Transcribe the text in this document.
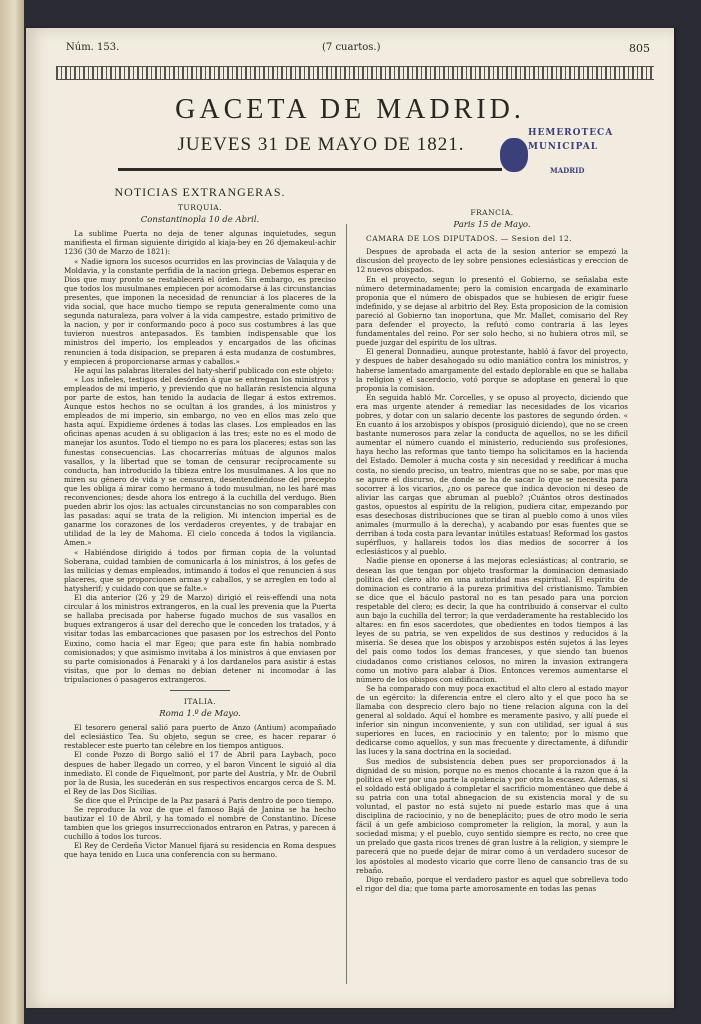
Núm. 153.	(7 cuartos.)	805
GACETA DE MADRID.
JUEVES 31 DE MAYO DE 1821.
HEMEROTECA
MUNICIPAL
MADRID
NOTICIAS EXTRANGERAS.
TURQUIA.
Constantinopla 10 de Abril.

La sublime Puerta no deja de tener algunas inquietudes, segun manifiesta el firman siguiente dirigido al kiaja-bey en 26 djemakeul-achir 1236 (30 de Marzo de 1821):

« Nadie ignora los sucesos ocurridos en las provincias de Valaquia y de Moldavia, y la constante perfidia de la nacion griega. Debemos esperar en Dios que muy pronto se restablecerá el órden. Sin embargo, es preciso que todos los musulmanes empiecen por acomodarse á las circunstancias presentes, que imponen la necesidad de renunciar á los placeres de la vida social, que hace mucho tiempo se reputa generalmente como una segunda naturaleza, para volver á la vida campestre, estado primitivo de la nacion, y por ir conformando poco á poco sus costumbres á las que tuvieron nuestros antepasados. Es tambien indispensable que los ministros del imperio, los empleados y encargados de las oficinas renuncien á toda disipacion, se preparen á esta mudanza de costumbres, y empiecen á proporcionarse armas y caballos.»

He aquí las palabras literales del haty-sherif publicado con este objeto:

« Los infieles, testigos del desórden á que se entregan los ministros y empleados de mi imperio, y previendo que no hallarán resistencia alguna por parte de estos, han tenido la audacia de llegar á estos extremos. Aunque estos hechos no se ocultan á los grandes, á los ministros y empleados de mi imperio, sin embargo, no veo en ellos mas zelo que hasta aquí. Expidieme órdenes á todas las clases. Los empleados en las oficinas apenas acuden á su obligacion á las tres; este no es el modo de manejar los asuntos. Todo el tiempo no es para los placeres; estas son las funestas consecuencias. Las chocarrerías mútuas de algunos malos vasallos, y la libertad que se toman de censurar recíprocamente su conducta, han introducido la tibieza entre los musulmanes. A los que no miren su género de vida y se censuren, desentendiéndose del precepto que les obliga á mirar como hermano á todo musulman, no les haré mas reconvenciones; desde ahora los entrego á la cuchilla del verdugo. Bien pueden abrir los ojos: las actuales circunstancias no son comparables con las pasadas: aquí se trata de la religion. Mi intencion imperial es de ganarme los corazones de los verdaderos creyentes, y de trabajar en utilidad de la ley de Mahoma. El cielo conceda á todos la vigilancia. Amen.»

« Habiéndose dirigido á todos por firman copia de la voluntad Soberana, cuidad tambien de comunicarla á los ministros, á los gefes de las milicias y demas empleados, intimando á todos el que renuncien á sus placeres, que se proporcionen armas y caballos, y se arreglen en todo al hatysherif; y cuidado con que se falte.»

El dia anterior (26 y 29 de Marzo) dirigió el reis-effendi una nota circular á los ministros extrangeros, en la cual les prevenia que la Puerta se hallaba precisada por haberse fugado muchos de sus vasallos en buques extrangeros á usar del derecho que le conceden los tratados, y á visitar todas las embarcaciones que pasasen por los estrechos del Ponto Euxino, como hacia el mar Egeo; que para este fin habia nombrado comisionados; y que asimismo invitaba á los ministros á que enviasen por su parte comisionados á Fenaraki y á los dardanelos para asistir á estas visitas, que por lo demas no debian detener ni incomodar á las tripulaciones ó pasageros extrangeros.

ITALIA.
Roma 1.º de Mayo.

El tesorero general salió para puerto de Anzo (Antium) acompañado del eclesiástico Tea. Su objeto, segun se cree, es hacer reparar ó restablecer este puerto tan célebre en los tiempos antiguos.

El conde Pozzo di Borgo salió el 17 de Abril para Laybach, poco despues de haber llegado un correo, y el baron Vincent le siguió al dia inmediato. El conde de Fiquelmont, por parte del Austria, y Mr. de Oubril por la de Rusia, les sucederán en sus respectivos encargos cerca de S. M. el Rey de las Dos Sicilias.

Se dice que el Príncipe de la Paz pasará á Paris dentro de poco tiempo.

Se reproduce la voz de que el famoso Bajá de Janina se ha hecho bautizar el 10 de Abril, y ha tomado el nombre de Constantino. Dícese tambien que los griegos insurreccionados entraron en Patras, y parecen á cuchillo á todos los turcos.

El Rey de Cerdeña Victor Manuel fijará su residencia en Roma despues que haya tenido en Luca una conferencia con su hermano.

FRANCIA.
Paris 15 de Mayo.
CAMARA DE LOS DIPUTADOS. — Sesion del 12.

Despues de aprobada el acta de la sesion anterior se empezó la discusion del proyecto de ley sobre pensiones eclesiásticas y ereccion de 12 nuevos obispados.

En el proyecto, segun lo presentó el Gobierno, se señalaba este número determinadamente; pero la comision encargada de examinarlo proponia que el número de obispados que se hubiesen de erigir fuese indefinido, y se dejase al arbitrio del Rey. Esta proposicion de la comision pareció al Gobierno tan inoportuna, que Mr. Mallet, comisario del Rey para defender el proyecto, la refutó como contraria á las leyes fundamentales del reino. Por ser solo hecho, si no hubiera otros mil, se puede juzgar del espíritu de los ultras.

El general Donnadieu, aunque protestante, habló á favor del proyecto, y despues de haber desahogado su odio maniático contra los ministros, y haberse lamentado amargamente del estado deplorable en que se hallaba la religion y el sacerdocio, votó porque se adoptase en general lo que proponia la comision.

En seguida habló Mr. Corcelles, y se opuso al proyecto, diciendo que era mas urgente atender á remediar las necesidades de los vicarios pobres, y dotar con un salario decente los pastores de segundo órden. « En cuanto á los arzobispos y obispos (prosiguió diciendo), que no se creen bastante numerosos para zelar la conducta de aquellos, no se les dificil aumentar el número cuando el ministerio, reduciendo sus profesiones, haya hecho las reformas que tanto tiempo ha solicitamos en la hacienda del Estado. Demoler á mucha costa y sin necesidad y reedificar á mucha costa, no siendo preciso, un teatro, mientras que no se sabe, por mas que se apure el discurso, de donde se ha de sacar lo que se necesita para socorrer á los vicarios, ¿no os parece que indica devocion ni deseo de aliviar las cargas que abruman al pueblo? ¡Cuántos otros destinados gastos, opuestos al espíritu de la religion, pudiera citar, empezando por esas desechosas distribuciones que se tiran al pueblo como á unos viles animales (murmullo á la derecha), y acabando por esas fuentes que se derriban á toda costa para levantar inútiles estatuas! Reformad los gastos supérfluos, y hallareis todos los dias medios de socorrer á los eclesiásticos y al pueblo.

Nadie piense en oponerse á las mejoras eclesiásticas; al contrario, se desean las que tengan por objeto trasformar la dominacion demasiado política del clero alto en una autoridad mas espiritual. El espíritu de dominacion es contrario á la pureza primitiva del cristianismo. Tambien se dice que el báculo pastoral no es tan pesado para una porcion respetable del clero; es decir, la que ha contribuido á conservar el culto aun bajo la cuchilla del terror; la que verdaderamente ha restablecido los altares: en fin esos sacerdotes, que obedientes en todos tiempos á las leyes de su patria, se ven expelidos de sus destinos y reducidos á la miseria. Se desea que los obispos y arzobispos estén sujetos á las leyes del pais como todos los demas franceses, y que siendo tan buenos ciudadanos como cristianos celosos, no miren la invasion extrangera como un motivo para alabar á Dios. Entonces veremos aumentarse el número de los obispos con edificacion.

Se ha comparado con muy poca exactitud el alto clero al estado mayor de un egército: la diferencia entre el clero alto y el que poco ha se llamaba con desprecio clero bajo no tiene relacion alguna con la del general al soldado. Aquí el hombre es meramente pasivo, y allí puede el inferior sin ningun inconveniente, y sun con utilidad, ser igual á sus superiores en luces, en raciocinio y en talento; por lo mismo que dedicarse como aquellos, y sun mas frecuente y directamente, á difundir las luces y la sana doctrina en la sociedad.

Sus medios de subsistencia deben pues ser proporcionados á la dignidad de su mision, porque no es menos chocante á la razon que á la política el ver por una parte la opulencia y por otra la escasez. Ademas, si el soldado está obligado á completar el sacrificio momentáneo que debe á su patria con una total abnegacion de su existencia moral y de su voluntad, el pastor no está sujeto ni puede estarlo mas que á una disciplina de raciocinio, y no de beneplácito; pues de otro modo le seria fácil á un gefe ambicioso comprometer la religion, la moral, y aun la sociedad misma; y el pueblo, cuyo sentido siempre es recto, no cree que un prelado que gasta ricos trenes dé gran lustre á la religion, y siempre le parecerá que no puede dejar de mirar como á un verdadero sucesor de los apóstoles al modesto vicario que corre lleno de cansancio tras de su rebaño.

Digo rebaño, porque el verdadero pastor es aquel que sobrelleva todo el rigor del dia; que toma parte amorosamente en todas las penas
